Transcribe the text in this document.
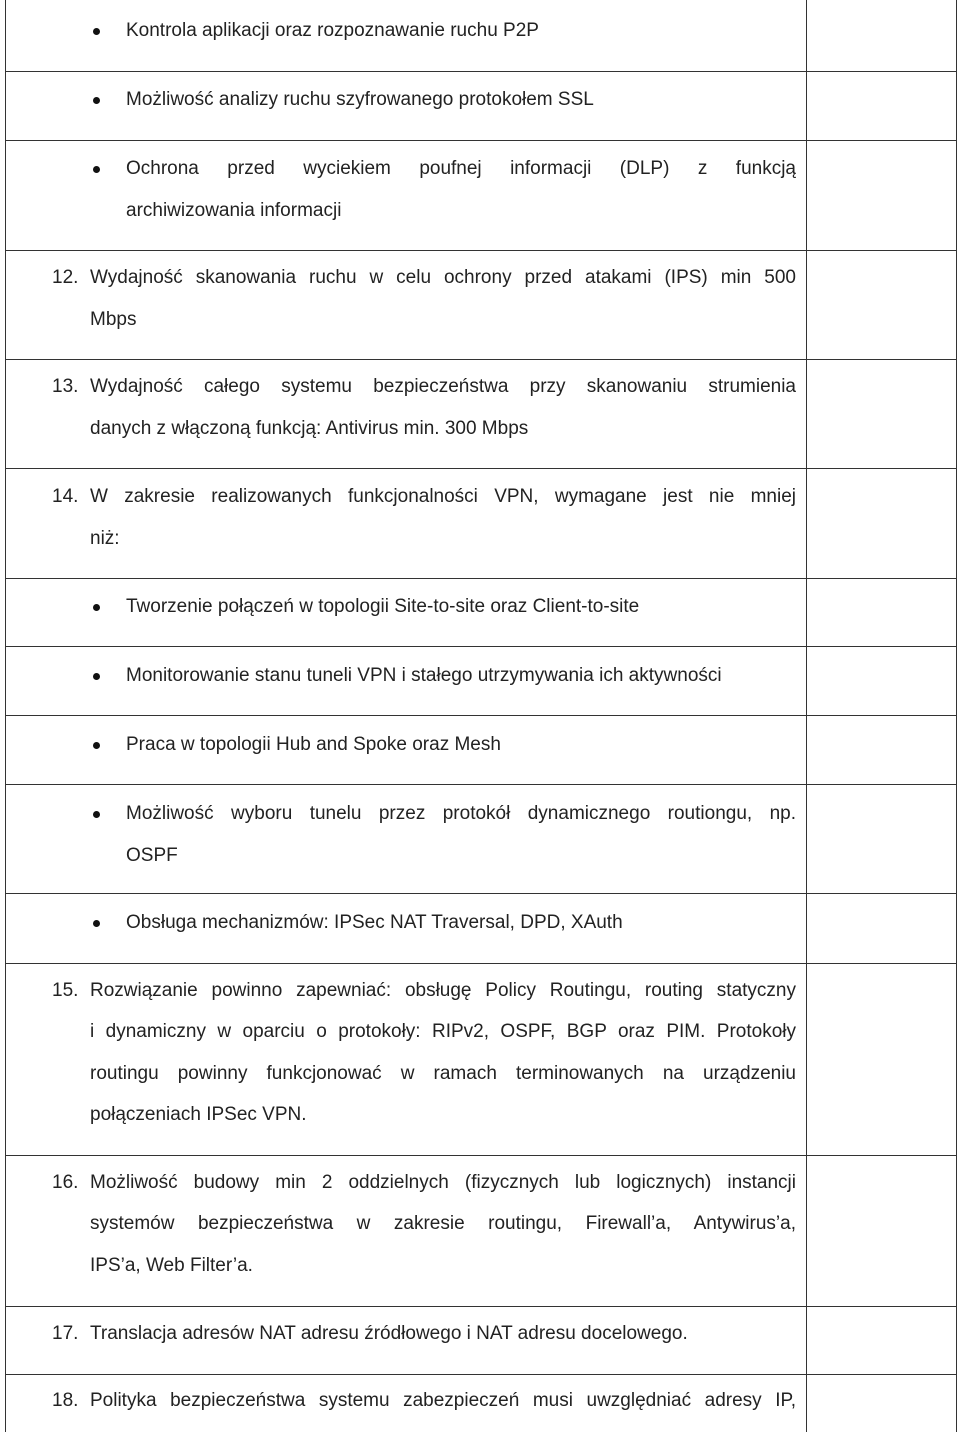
Kontrola aplikacji oraz rozpoznawanie ruchu P2P
Możliwość analizy ruchu szyfrowanego protokołem SSL
Ochrona przed wyciekiem poufnej informacji (DLP) z funkcją
archiwizowania informacji
12. Wydajność skanowania ruchu w celu ochrony przed atakami (IPS) min 500
Mbps
13. Wydajność całego systemu bezpieczeństwa przy skanowaniu strumienia
danych z włączoną funkcją: Antivirus min. 300 Mbps
14. W zakresie realizowanych funkcjonalności VPN, wymagane jest nie mniej
niż:
Tworzenie połączeń w topologii Site-to-site oraz Client-to-site
Monitorowanie stanu tuneli VPN i stałego utrzymywania ich aktywności
Praca w topologii Hub and Spoke oraz Mesh
Możliwość wyboru tunelu przez protokół dynamicznego routiongu, np.
OSPF
Obsługa mechanizmów: IPSec NAT Traversal, DPD, XAuth
15. Rozwiązanie powinno zapewniać: obsługę Policy Routingu, routing statyczny
i dynamiczny w oparciu o protokoły: RIPv2, OSPF, BGP oraz PIM. Protokoły
routingu powinny funkcjonować w ramach terminowanych na urządzeniu
połączeniach IPSec VPN.
16. Możliwość budowy min 2 oddzielnych (fizycznych lub logicznych) instancji
systemów bezpieczeństwa w zakresie routingu, Firewall’a, Antywirus’a,
IPS’a, Web Filter’a.
17. Translacja adresów NAT adresu źródłowego i NAT adresu docelowego.
18. Polityka bezpieczeństwa systemu zabezpieczeń musi uwzględniać adresy IP,
